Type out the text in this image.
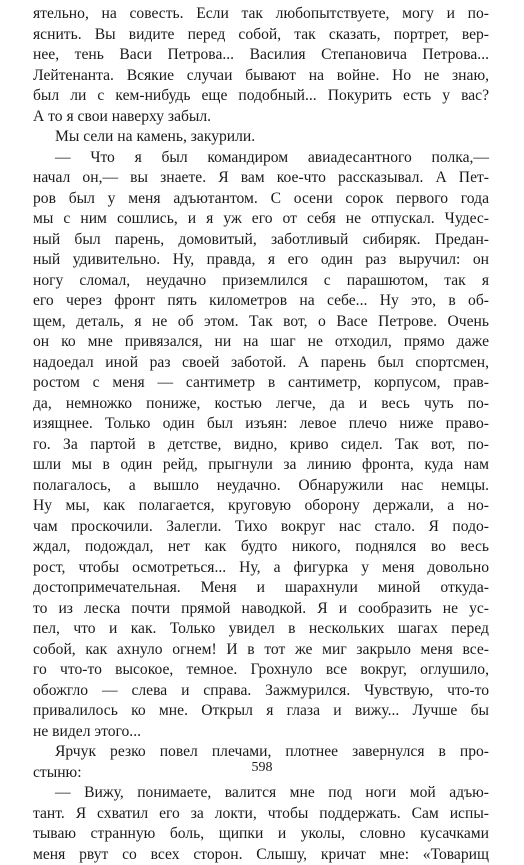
ятельно, на совесть. Если так любопытствуете, могу и по-
яснить. Вы видите перед собой, так сказать, портрет, вер-
нее, тень Васи Петрова... Василия Степановича Петрова...
Лейтенанта. Всякие случаи бывают на войне. Но не знаю,
был ли с кем-нибудь еще подобный... Покурить есть у вас?
А то я свои наверху забыл.
Мы сели на камень, закурили.
— Что я был командиром авиадесантного полка,—
начал он,— вы знаете. Я вам кое-что рассказывал. А Пет-
ров был у меня адъютантом. С осени сорок первого года
мы с ним сошлись, и я уж его от себя не отпускал. Чудес-
ный был парень, домовитый, заботливый сибиряк. Предан-
ный удивительно. Ну, правда, я его один раз выручил: он
ногу сломал, неудачно приземлился с парашютом, так я
его через фронт пять километров на себе... Ну это, в об-
щем, деталь, я не об этом. Так вот, о Васе Петрове. Очень
он ко мне привязался, ни на шаг не отходил, прямо даже
надоедал иной раз своей заботой. А парень был спортсмен,
ростом с меня — сантиметр в сантиметр, корпусом, прав-
да, немножко пониже, костью легче, да и весь чуть по-
изящнее. Только один был изъян: левое плечо ниже право-
го. За партой в детстве, видно, криво сидел. Так вот, по-
шли мы в один рейд, прыгнули за линию фронта, куда нам
полагалось, а вышло неудачно. Обнаружили нас немцы.
Ну мы, как полагается, круговую оборону держали, а но-
чам проскочили. Залегли. Тихо вокруг нас стало. Я подо-
ждал, подождал, нет как будто никого, поднялся во весь
рост, чтобы осмотреться... Ну, а фигурка у меня довольно
достопримечательная. Меня и шарахнули миной откуда-
то из леска почти прямой наводкой. Я и сообразить не ус-
пел, что и как. Только увидел в нескольких шагах перед
собой, как ахнуло огнем! И в тот же миг закрыло меня все-
го что-то высокое, темное. Грохнуло все вокруг, оглушило,
обожгло — слева и справа. Зажмурился. Чувствую, что-то
привалилось ко мне. Открыл я глаза и вижу... Лучше бы
не видел этого...
Ярчук резко повел плечами, плотнее завернулся в про-
стыню:
— Вижу, понимаете, валится мне под ноги мой адъю-
тант. Я схватил его за локти, чтобы поддержать. Сам испы-
тываю странную боль, щипки и уколы, словно кусачками
меня рвут со всех сторон. Слышу, кричат мне: «Товарищ
598
